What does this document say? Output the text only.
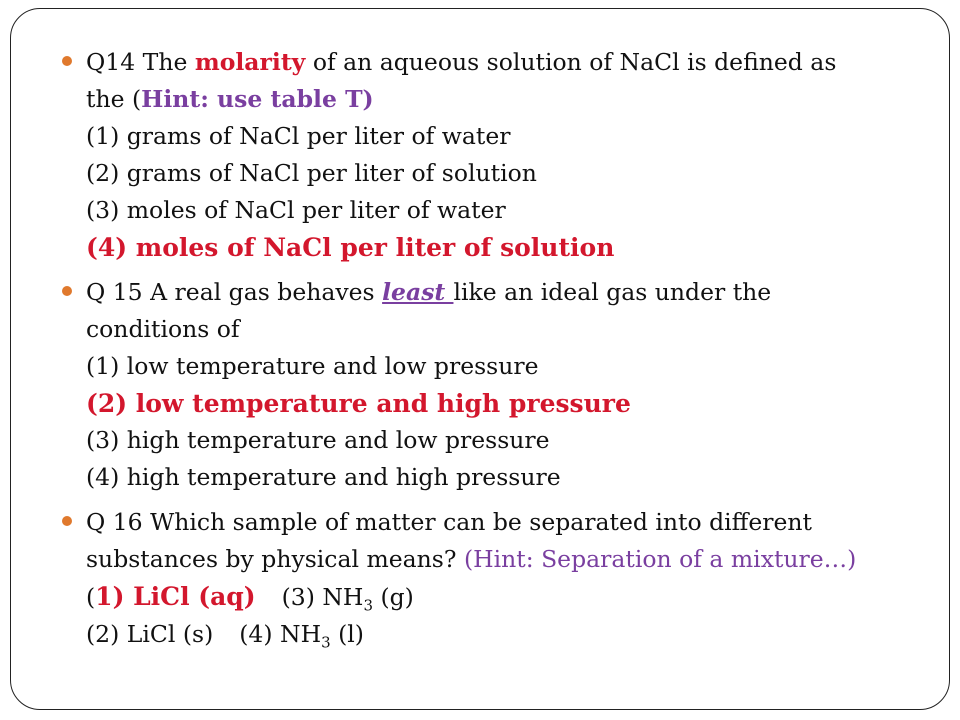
Q14 The molarity of an aqueous solution of NaCl is defined as
the (Hint: use table T)
(1) grams of NaCl per liter of water
(2) grams of NaCl per liter of solution
(3) moles of NaCl per liter of water
(4) moles of NaCl per liter of solution
Q 15 A real gas behaves least like an ideal gas under the
conditions of
(1) low temperature and low pressure
(2) low temperature and high pressure
(3) high temperature and low pressure
(4) high temperature and high pressure
Q 16 Which sample of matter can be separated into different
substances by physical means? (Hint: Separation of a mixture…)
(1) LiCl (aq) (3) $NH_3$ (g)
(2) LiCl (s) (4) $NH_3$ (l)
